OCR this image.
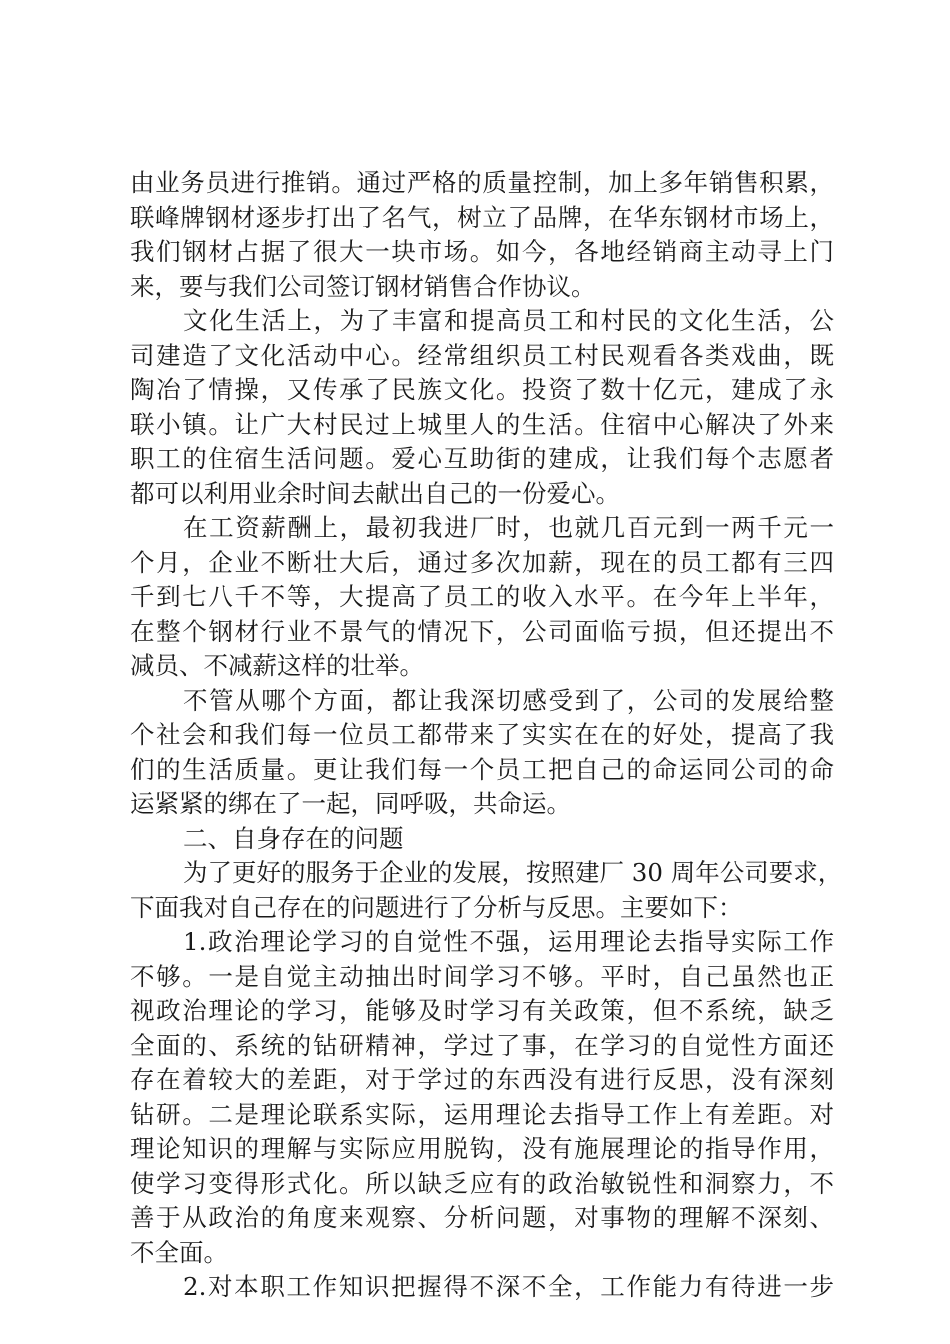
由业务员进行推销。通过严格的质量控制，加上多年销售积累，
联峰牌钢材逐步打出了名气，树立了品牌，在华东钢材市场上，
我们钢材占据了很大一块市场。如今，各地经销商主动寻上门
来，要与我们公司签订钢材销售合作协议。
文化生活上，为了丰富和提高员工和村民的文化生活，公
司建造了文化活动中心。经常组织员工村民观看各类戏曲，既
陶冶了情操，又传承了民族文化。投资了数十亿元，建成了永
联小镇。让广大村民过上城里人的生活。住宿中心解决了外来
职工的住宿生活问题。爱心互助街的建成，让我们每个志愿者
都可以利用业余时间去献出自己的一份爱心。
在工资薪酬上，最初我进厂时，也就几百元到一两千元一
个月，企业不断壮大后，通过多次加薪，现在的员工都有三四
千到七八千不等，大提高了员工的收入水平。在今年上半年，
在整个钢材行业不景气的情况下，公司面临亏损，但还提出不
减员、不减薪这样的壮举。
不管从哪个方面，都让我深切感受到了，公司的发展给整
个社会和我们每一位员工都带来了实实在在的好处，提高了我
们的生活质量。更让我们每一个员工把自己的命运同公司的命
运紧紧的绑在了一起，同呼吸，共命运。
二、自身存在的问题
为了更好的服务于企业的发展，按照建厂 30 周年公司要求，
下面我对自己存在的问题进行了分析与反思。主要如下：
1.政治理论学习的自觉性不强，运用理论去指导实际工作
不够。一是自觉主动抽出时间学习不够。平时，自己虽然也正
视政治理论的学习，能够及时学习有关政策，但不系统，缺乏
全面的、系统的钻研精神，学过了事，在学习的自觉性方面还
存在着较大的差距，对于学过的东西没有进行反思，没有深刻
钻研。二是理论联系实际，运用理论去指导工作上有差距。对
理论知识的理解与实际应用脱钩，没有施展理论的指导作用，
使学习变得形式化。所以缺乏应有的政治敏锐性和洞察力，不
善于从政治的角度来观察、分析问题，对事物的理解不深刻、
不全面。
2.对本职工作知识把握得不深不全，工作能力有待进一步
